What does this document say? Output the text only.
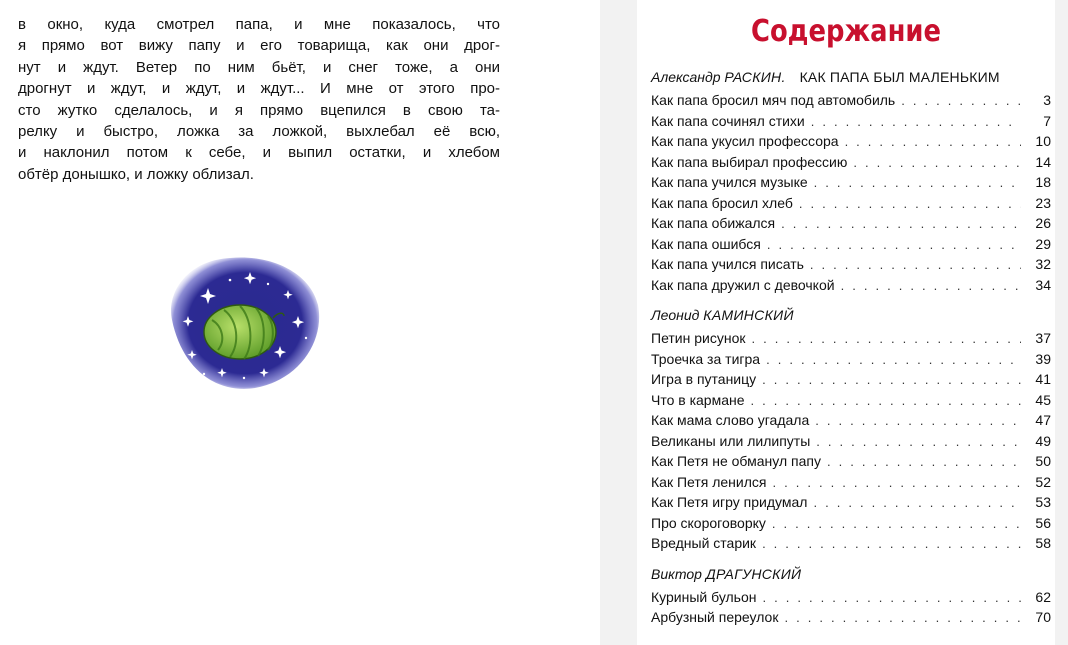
в окно, куда смотрел папа, и мне показалось, что
я прямо вот вижу папу и его товарища, как они дрог-
нут и ждут. Ветер по ним бьёт, и снег тоже, а они
дрогнут и ждут, и ждут, и ждут... И мне от этого про-
сто жутко сделалось, и я прямо вцепился в свою та-
релку и быстро, ложка за ложкой, выхлебал её всю,
и наклонил потом к себе, и выпил остатки, и хлебом
обтёр донышко, и ложку облизал.
Содержание
Александр РАСКИН. КАК ПАПА БЫЛ МАЛЕНЬКИМ
Как папа бросил мяч под автомобиль . . .	3
Как папа сочинял стихи . . .	7
Как папа укусил профессора . . .	10
Как папа выбирал профессию . . .	14
Как папа учился музыке . . .	18
Как папа бросил хлеб . . .	23
Как папа обижался . . .	26
Как папа ошибся . . .	29
Как папа учился писать . . .	32
Как папа дружил с девочкой . . .	34
Леонид КАМИНСКИЙ
Петин рисунок . . .	37
Троечка за тигра . . .	39
Игра в путаницу . . .	41
Что в кармане . . .	45
Как мама слово угадала . . .	47
Великаны или лилипуты . . .	49
Как Петя не обманул папу . . .	50
Как Петя ленился . . .	52
Как Петя игру придумал . . .	53
Про скороговорку . . .	56
Вредный старик . . .	58
Виктор ДРАГУНСКИЙ
Куриный бульон . . .	62
Арбузный переулок . . .	70
